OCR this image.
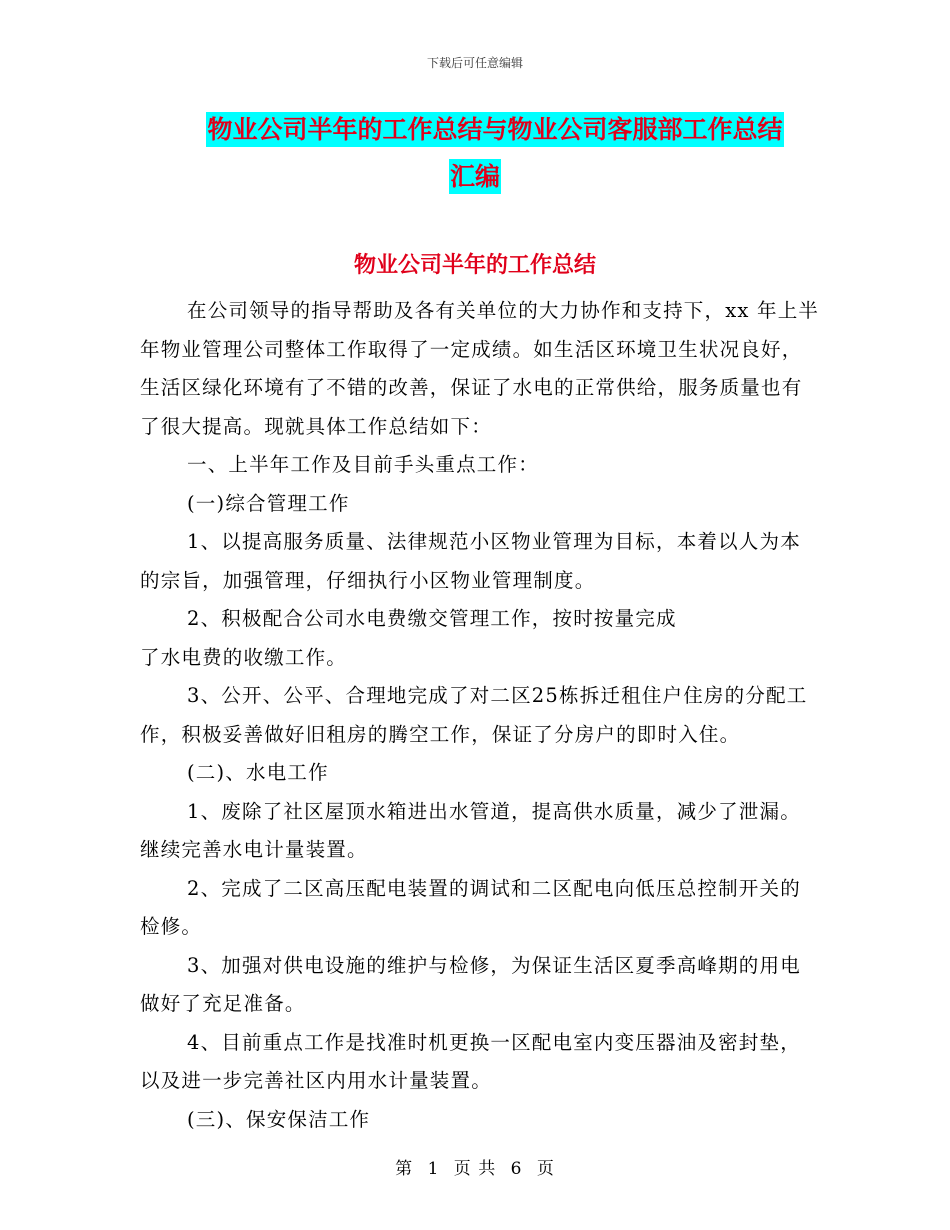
下载后可任意编辑
物业公司半年的工作总结与物业公司客服部工作总结
汇编
物业公司半年的工作总结

在公司领导的指导帮助及各有关单位的大力协作和支持下，xx 年上半年物业管理公司整体工作取得了一定成绩。如生活区环境卫生状况良好，生活区绿化环境有了不错的改善，保证了水电的正常供给，服务质量也有了很大提高。现就具体工作总结如下：

一、上半年工作及目前手头重点工作：

(一)综合管理工作

1、以提高服务质量、法律规范小区物业管理为目标，本着以人为本的宗旨，加强管理，仔细执行小区物业管理制度。

2、积极配合公司水电费缴交管理工作，按时按量完成

了水电费的收缴工作。

3、公开、公平、合理地完成了对二区25栋拆迁租住户住房的分配工作，积极妥善做好旧租房的腾空工作，保证了分房户的即时入住。

(二)、水电工作

1、废除了社区屋顶水箱进出水管道，提高供水质量，减少了泄漏。继续完善水电计量装置。

2、完成了二区高压配电装置的调试和二区配电向低压总控制开关的检修。

3、加强对供电设施的维护与检修，为保证生活区夏季高峰期的用电做好了充足准备。

4、目前重点工作是找准时机更换一区配电室内变压器油及密封垫，以及进一步完善社区内用水计量装置。

(三)、保安保洁工作

第 1 页 共 6 页
